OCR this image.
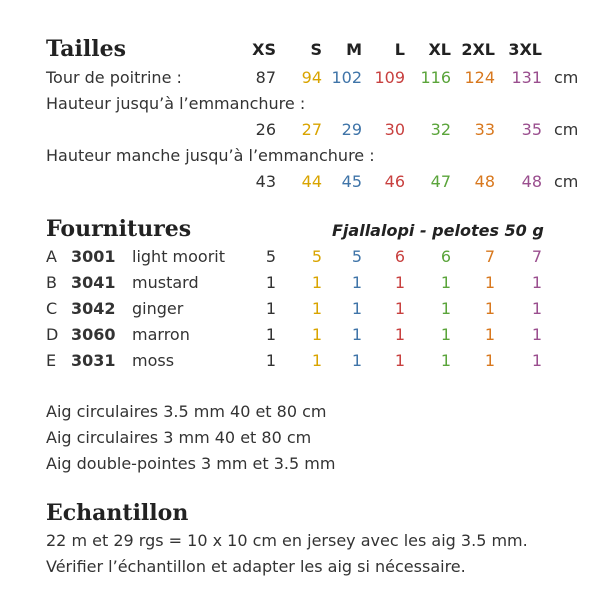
Tailles	XS	S	M	L	XL 2XL 3XL
Tour de poitrine :	87	94 102 109 116 124	131 cm
Hauteur jusqu’à l’emmanchure :
26	27	29	30	32	33	35 cm
Hauteur manche jusqu’à l’emmanchure :
43	44	45	46	47	48	48 cm
Fournitures	Fjallalopi - pelotes 50 g
A 3001 light moorit	5	5	5	6	6	7	7
B 3041 mustard	1	1	1	1	1	1	1
C 3042 ginger	1	1	1	1	1	1	1
D 3060 marron	1	1	1	1	1	1	1
E 3031 moss	1	1	1	1	1	1	1
Aig circulaires 3.5 mm 40 et 80 cm
Aig circulaires 3 mm 40 et 80 cm
Aig double-pointes 3 mm et 3.5 mm
Echantillon
22 m et 29 rgs = 10 x 10 cm en jersey avec les aig 3.5 mm.
Vérifier l’échantillon et adapter les aig si nécessaire.
